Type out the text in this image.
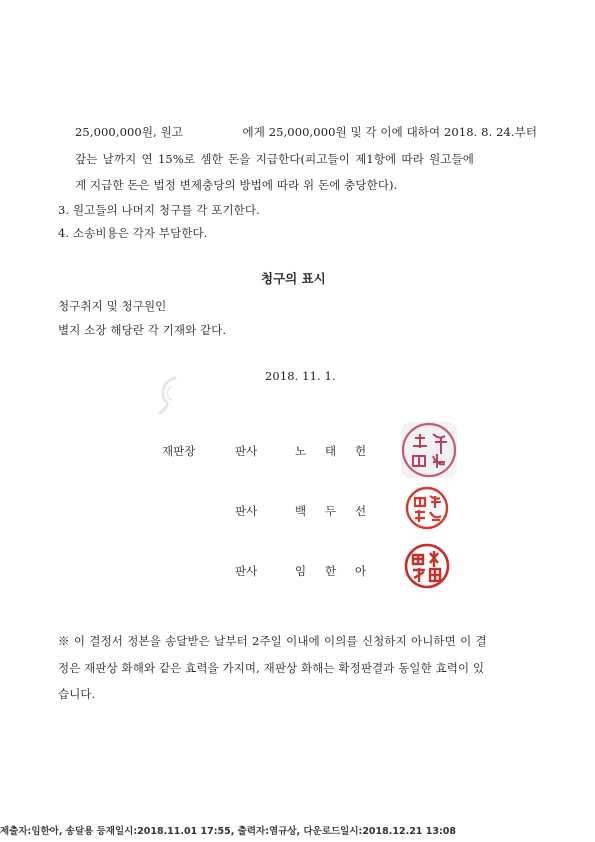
25,000,000원, 원고	에게 25,000,000원 및 각 이에 대하여 2018. 8. 24.부터
갚는 날까지 연 15%로 셈한 돈을 지급한다(피고들이 제1항에 따라 원고들에
게 지급한 돈은 법정 변제충당의 방법에 따라 위 돈에 충당한다).
3. 원고들의 나머지 청구를 각 포기한다.
4. 소송비용은 각자 부담한다.
청구의 표시
청구취지 및 청구원인
별지 소장 해당란 각 기재와 같다.
2018. 11. 1.
재판장	판사	노 태 헌
판사	백 두 선
판사	임 한 아
※ 이 결정서 정본을 송달받은 날부터 2주일 이내에 이의를 신청하지 아니하면 이 결
정은 재판상 화해와 같은 효력을 가지며, 재판상 화해는 확정판결과 동일한 효력이 있
습니다.
제출자:임한아, 송달용 등재일시:2018.11.01 17:55, 출력자:염규상, 다운로드일시:2018.12.21 13:08
